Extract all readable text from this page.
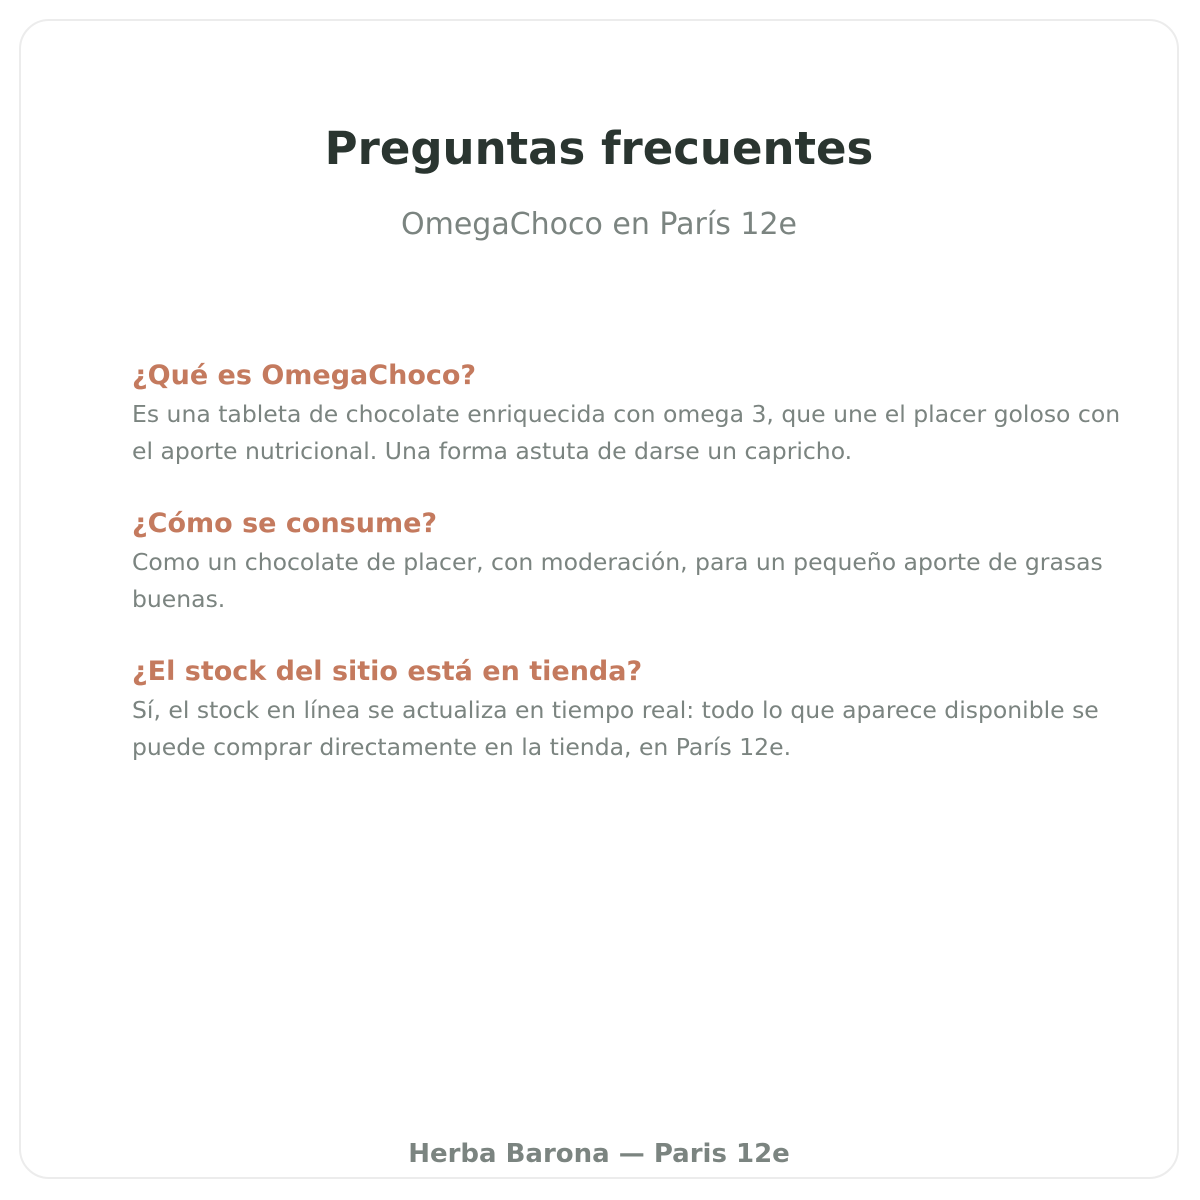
Preguntas frecuentes

OmegaChoco en París 12e

¿Qué es OmegaChoco?

Es una tableta de chocolate enriquecida con omega 3, que une el placer goloso con el aporte nutricional. Una forma astuta de darse un capricho.

¿Cómo se consume?

Como un chocolate de placer, con moderación, para un pequeño aporte de grasas buenas.

¿El stock del sitio está en tienda?

Sí, el stock en línea se actualiza en tiempo real: todo lo que aparece disponible se puede comprar directamente en la tienda, en París 12e.

Herba Barona — Paris 12e
